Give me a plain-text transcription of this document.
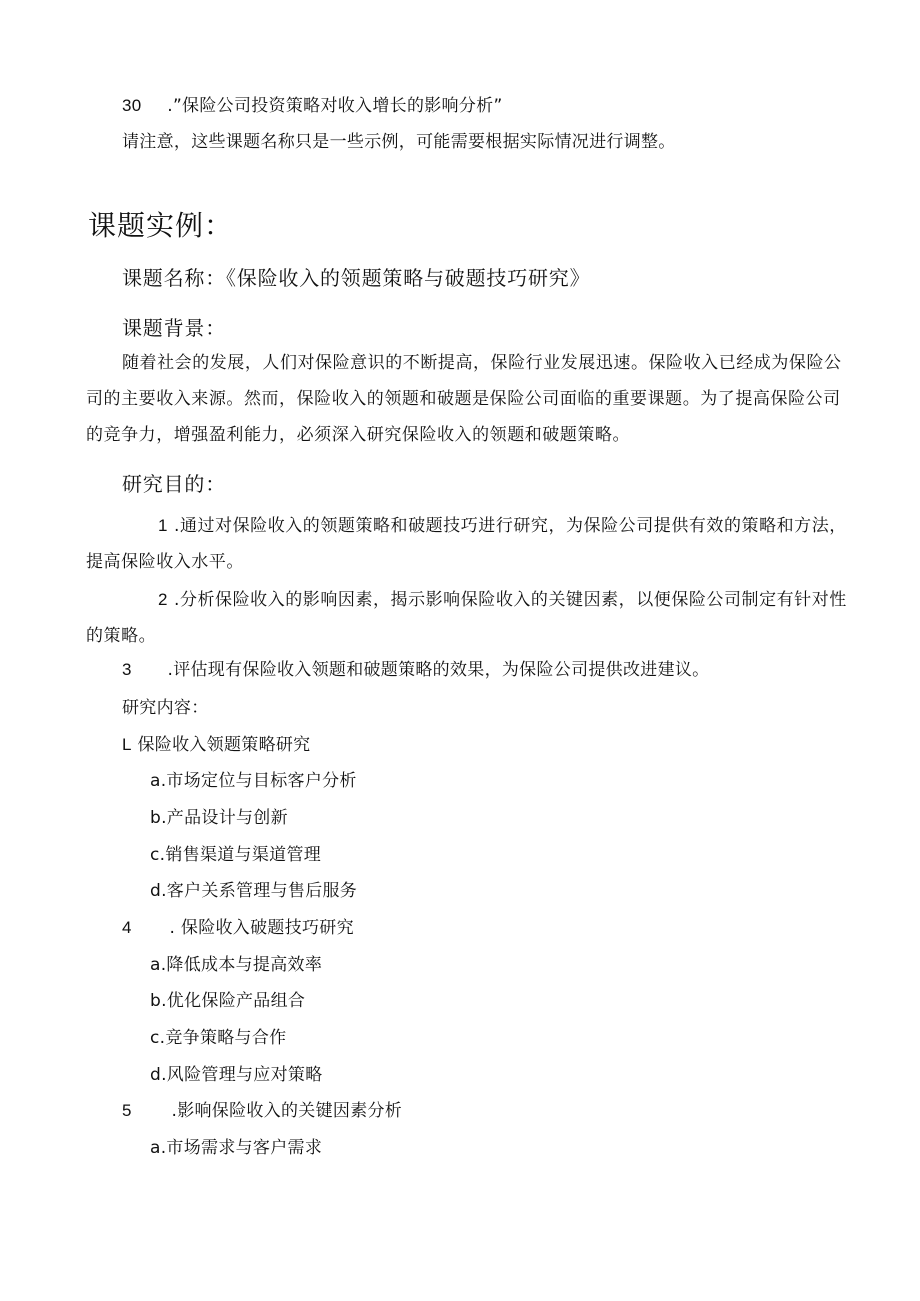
30 .”保险公司投资策略对收入增长的影响分析”
请注意，这些课题名称只是一些示例，可能需要根据实际情况进行调整。
课题实例：
课题名称：《保险收入的领题策略与破题技巧研究》
课题背景：
随着社会的发展，人们对保险意识的不断提高，保险行业发展迅速。保险收入已经成为保险公司的主要收入来源。然而，保险收入的领题和破题是保险公司面临的重要课题。为了提高保险公司的竞争力，增强盈利能力，必须深入研究保险收入的领题和破题策略。
研究目的：
1 .通过对保险收入的领题策略和破题技巧进行研究，为保险公司提供有效的策略和方法，提高保险收入水平。
2 .分析保险收入的影响因素，揭示影响保险收入的关键因素，以便保险公司制定有针对性的策略。
3 .评估现有保险收入领题和破题策略的效果，为保险公司提供改进建议。
研究内容：
L 保险收入领题策略研究
a.市场定位与目标客户分析
b.产品设计与创新
c.销售渠道与渠道管理
d.客户关系管理与售后服务
4 . 保险收入破题技巧研究
a.降低成本与提高效率
b.优化保险产品组合
c.竞争策略与合作
d.风险管理与应对策略
5 .影响保险收入的关键因素分析
a.市场需求与客户需求
